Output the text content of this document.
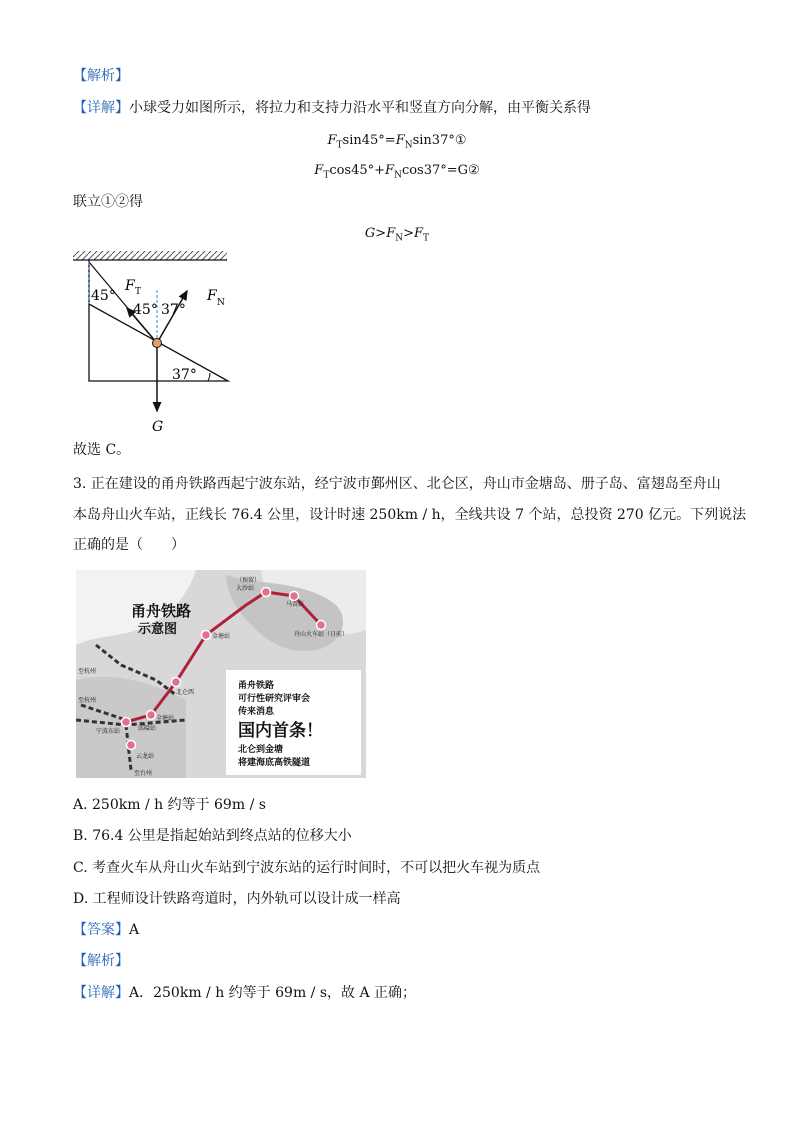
【解析】
【详解】小球受力如图所示，将拉力和支持力沿水平和竖直方向分解，由平衡关系得
$F_T\sin 45^\circ=F_N\sin 37^\circ ①$
$F_T\cos 45^\circ+F_N\cos 37^\circ=G②$
联立①②得
$G>F_N>F_T$
45°
45° 37°
37°
F T	F N
G
故选 C。
3. 正在建设的甬舟铁路西起宁波东站，经宁波市鄞州区、北仑区，舟山市金塘岛、册子岛、富翅岛至舟山
本岛舟山火车站，正线长 76.4 公里，设计时速 250km / h，全线共设 7 个站，总投资 270 亿元。下列说法
正确的是（　　）
甬舟铁路
示意图
（预留）
大沙站
马岙站
舟山火车站（日前）
金塘站
北仑西
宁波东站	邱隘站
云龙站
全塘站
至杭州
至杭州
至台州
甬舟铁路
可行性研究评审会
传来消息
国内首条！
北仑到金塘
将建海底高铁隧道
A. 250km / h 约等于 69m / s
B. 76.4 公里是指起始站到终点站的位移大小
C. 考查火车从舟山火车站到宁波东站的运行时间时，不可以把火车视为质点
D. 工程师设计铁路弯道时，内外轨可以设计成一样高
【答案】A
【解析】
【详解】A．250km / h 约等于 69m / s，故 A 正确；
